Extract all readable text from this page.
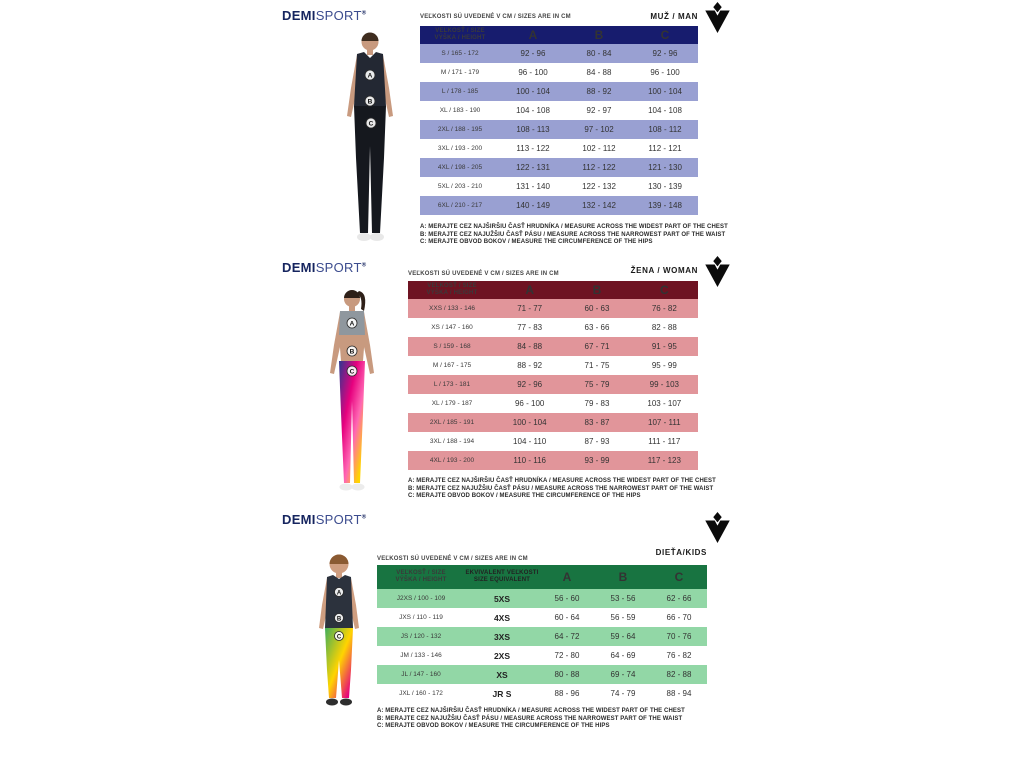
DEMISPORT®
A
B
C
VEĽKOSTI SÚ UVEDENÉ V CM / SIZES ARE IN CM	MUŽ / MAN
VEĽKOSŤ / SIZE
VÝŠKA / HEIGHT	A	B	C
S / 165 - 172	92 - 96	80 - 84	92 - 96
M / 171 - 179	96 - 100	84 - 88	96 - 100
L / 178 - 185	100 - 104	88 - 92	100 - 104
XL / 183 - 190	104 - 108	92 - 97	104 - 108
2XL / 188 - 195	108 - 113	97 - 102	108 - 112
3XL / 193 - 200	113 - 122	102 - 112	112 - 121
4XL / 198 - 205	122 - 131	112 - 122	121 - 130
5XL / 203 - 210	131 - 140	122 - 132	130 - 139
6XL / 210 - 217	140 - 149	132 - 142	139 - 148
A: MERAJTE CEZ NAJŠIRŠIU ČASŤ HRUDNÍKA / MEASURE ACROSS THE WIDEST PART OF THE CHEST
B: MERAJTE CEZ NAJUŽŠIU ČASŤ PÁSU / MEASURE ACROSS THE NARROWEST PART OF THE WAIST
C: MERAJTE OBVOD BOKOV / MEASURE THE CIRCUMFERENCE OF THE HIPS
DEMISPORT®
A
B
C
VEĽKOSTI SÚ UVEDENÉ V CM / SIZES ARE IN CM	ŽENA / WOMAN
VEĽKOSŤ / SIZE
VÝŠKA / HEIGHT	A	B	C
XXS / 133 - 146	71 - 77	60 - 63	76 - 82
XS / 147 - 160	77 - 83	63 - 66	82 - 88
S / 159 - 168	84 - 88	67 - 71	91 - 95
M / 167 - 175	88 - 92	71 - 75	95 - 99
L / 173 - 181	92 - 96	75 - 79	99 - 103
XL / 179 - 187	96 - 100	79 - 83	103 - 107
2XL / 185 - 191	100 - 104	83 - 87	107 - 111
3XL / 188 - 194	104 - 110	87 - 93	111 - 117
4XL / 193 - 200	110 - 116	93 - 99	117 - 123
A: MERAJTE CEZ NAJŠIRŠIU ČASŤ HRUDNÍKA / MEASURE ACROSS THE WIDEST PART OF THE CHEST
B: MERAJTE CEZ NAJUŽŠIU ČASŤ PÁSU / MEASURE ACROSS THE NARROWEST PART OF THE WAIST
C: MERAJTE OBVOD BOKOV / MEASURE THE CIRCUMFERENCE OF THE HIPS
DEMISPORT®
A
B
C
VEĽKOSTI SÚ UVEDENÉ V CM / SIZES ARE IN CM
DIEŤA/KIDS
VEĽKOSŤ / SIZE
VÝŠKA / HEIGHT
EKVIVALENT VEĽKOSTI
SIZE EQUIVALENT	A	B	C
J2XS / 100 - 109	5XS	56 - 60	53 - 56	62 - 66
JXS / 110 - 119	4XS	60 - 64	56 - 59	66 - 70
JS / 120 - 132	3XS	64 - 72	59 - 64	70 - 76
JM / 133 - 146	2XS	72 - 80	64 - 69	76 - 82
JL / 147 - 160	XS	80 - 88	69 - 74	82 - 88
JXL / 160 - 172	JR S	88 - 96	74 - 79	88 - 94
A: MERAJTE CEZ NAJŠIRŠIU ČASŤ HRUDNÍKA / MEASURE ACROSS THE WIDEST PART OF THE CHEST
B: MERAJTE CEZ NAJUŽŠIU ČASŤ PÁSU / MEASURE ACROSS THE NARROWEST PART OF THE WAIST
C: MERAJTE OBVOD BOKOV / MEASURE THE CIRCUMFERENCE OF THE HIPS
